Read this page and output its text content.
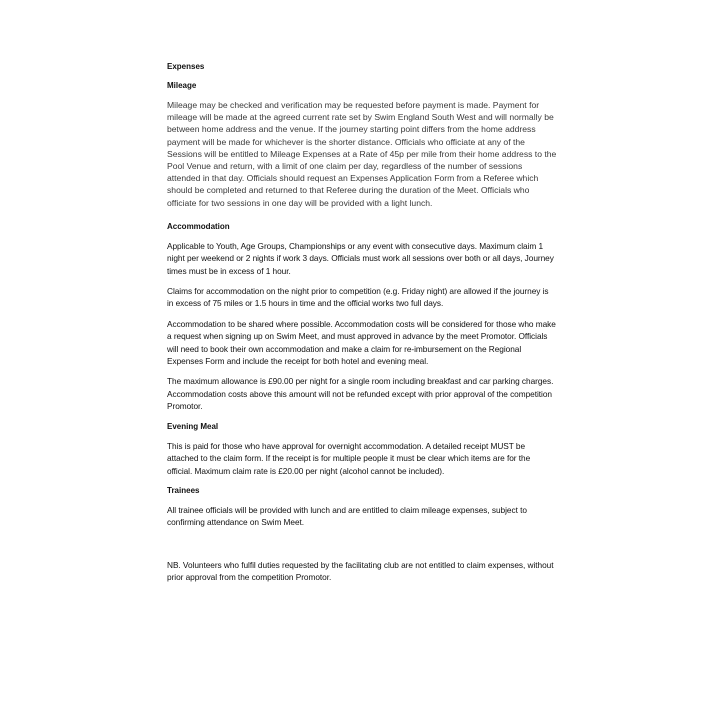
Expenses

Mileage

Mileage may be checked and verification may be requested before payment is made. Payment for mileage will be made at the agreed current rate set by Swim England South West and will normally be between home address and the venue. If the journey starting point differs from the home address payment will be made for whichever is the shorter distance. Officials who officiate at any of the Sessions will be entitled to Mileage Expenses at a Rate of 45p per mile from their home address to the Pool Venue and return, with a limit of one claim per day, regardless of the number of sessions attended in that day. Officials should request an Expenses Application Form from a Referee which should be completed and returned to that Referee during the duration of the Meet. Officials who officiate for two sessions in one day will be provided with a light lunch.

Accommodation

Applicable to Youth, Age Groups, Championships or any event with consecutive days. Maximum claim 1 night per weekend or 2 nights if work 3 days. Officials must work all sessions over both or all days, Journey times must be in excess of 1 hour.

Claims for accommodation on the night prior to competition (e.g. Friday night) are allowed if the journey is in excess of 75 miles or 1.5 hours in time and the official works two full days.

Accommodation to be shared where possible. Accommodation costs will be considered for those who make a request when signing up on Swim Meet, and must approved in advance by the meet Promotor. Officials will need to book their own accommodation and make a claim for re-imbursement on the Regional Expenses Form and include the receipt for both hotel and evening meal.

The maximum allowance is £90.00 per night for a single room including breakfast and car parking charges. Accommodation costs above this amount will not be refunded except with prior approval of the competition Promotor.

Evening Meal

This is paid for those who have approval for overnight accommodation. A detailed receipt MUST be attached to the claim form. If the receipt is for multiple people it must be clear which items are for the official. Maximum claim rate is £20.00 per night (alcohol cannot be included).

Trainees

All trainee officials will be provided with lunch and are entitled to claim mileage expenses, subject to confirming attendance on Swim Meet.

NB. Volunteers who fulfil duties requested by the facilitating club are not entitled to claim expenses, without prior approval from the competition Promotor.
